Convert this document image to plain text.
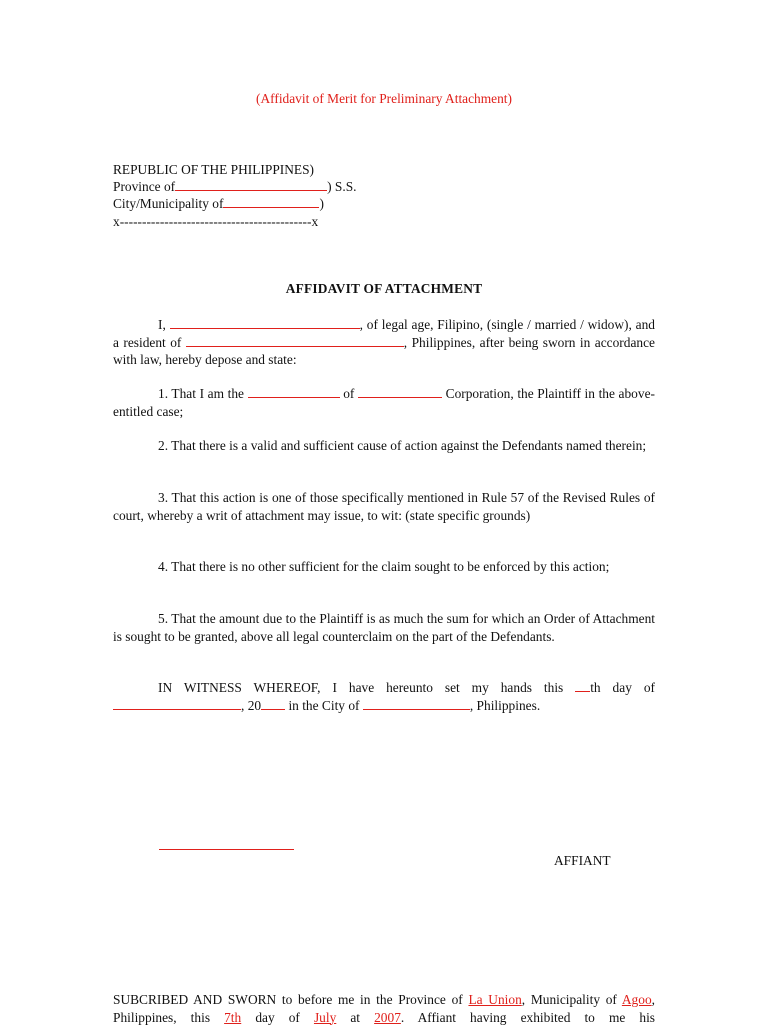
(Affidavit of Merit for Preliminary Attachment)
REPUBLIC OF THE PHILIPPINES)
Province of	) S.S.
City/Municipality of	)
x-------------------------------------------x
AFFIDAVIT OF ATTACHMENT
I,	, of legal age, Filipino, (single / married / widow), and a resident of	, Philippines, after being sworn in accordance with law, hereby depose and state:
1. That I am the	of	Corporation, the Plaintiff in the above-entitled case;
2. That there is a valid and sufficient cause of action against the Defendants named therein;
3. That this action is one of those specifically mentioned in Rule 57 of the Revised Rules of court, whereby a writ of attachment may issue, to wit: (state specific grounds)
4. That there is no other sufficient for the claim sought to be enforced by this action;
5. That the amount due to the Plaintiff is as much the sum for which an Order of Attachment is sought to be granted, above all legal counterclaim on the part of the Defendants.
IN WITNESS WHEREOF, I have hereunto set my hands this th day of , 20 in the City of	, Philippines.
AFFIANT
SUBCRIBED AND SWORN to before me in the Province of La Union, Municipality of Agoo, Philippines, this 7th day of July at 2007. Affiant having exhibited to me his
